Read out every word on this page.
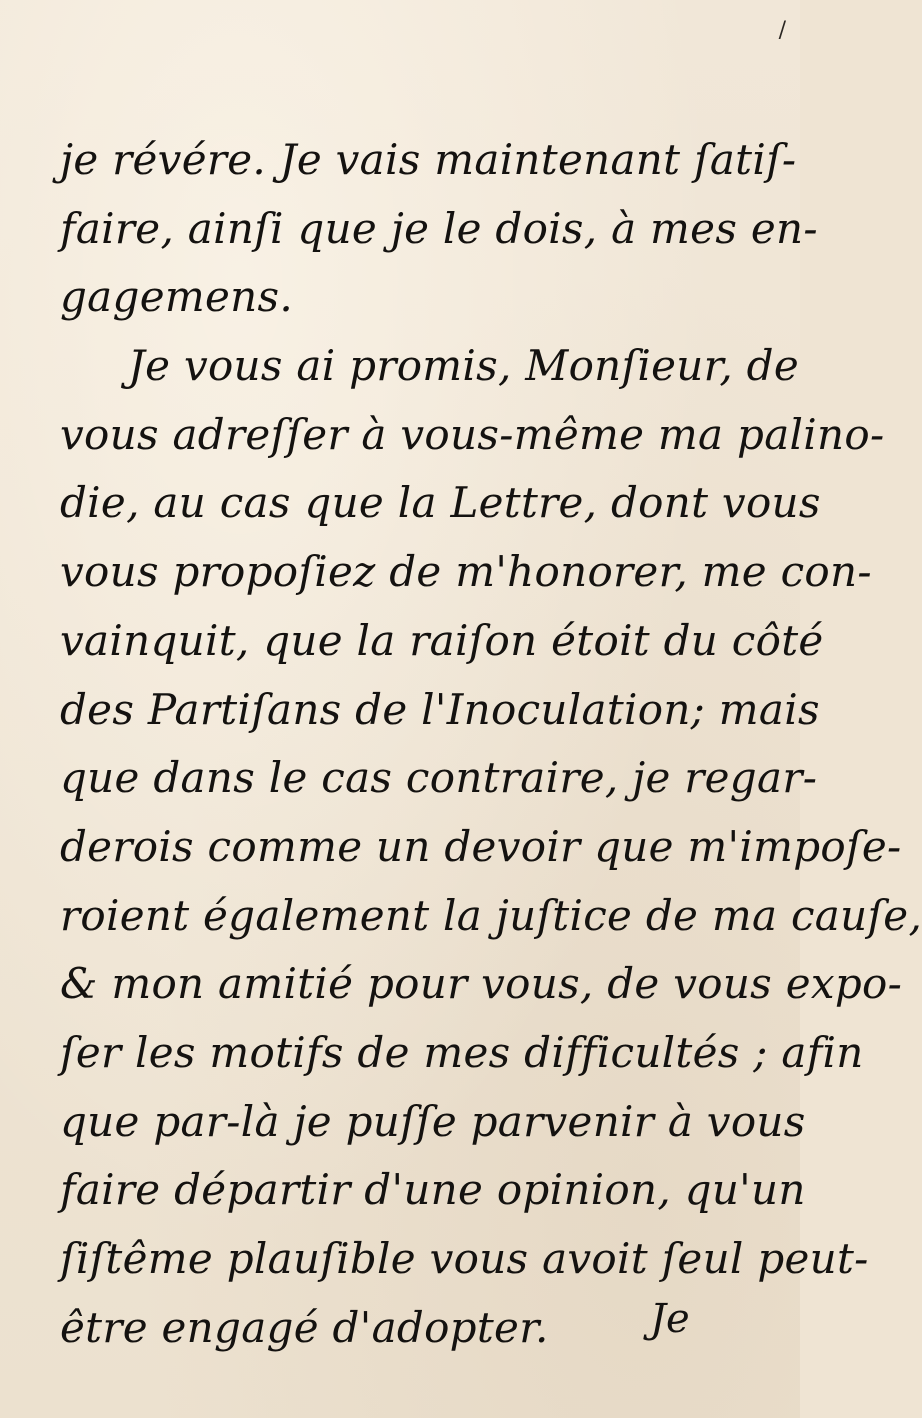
/
je révére. Je vais maintenant ſatiſ-
faire, ainſi que je le dois, à mes en-
gagemens.
Je vous ai promis, Monſieur, de
vous adreſſer à vous-même ma palino-
die, au cas que la Lettre, dont vous
vous propoſiez de m'honorer, me con-
vainquit, que la raiſon étoit du côté
des Partiſans de l'Inoculation; mais
que dans le cas contraire, je regar-
derois comme un devoir que m'impoſe-
roient également la juſtice de ma cauſe,
& mon amitié pour vous, de vous expo-
ſer les motifs de mes difficultés ; afin
que par-là je puſſe parvenir à vous
faire départir d'une opinion, qu'un
ſiſtême plauſible vous avoit ſeul peut-
être engagé d'adopter.	Je
